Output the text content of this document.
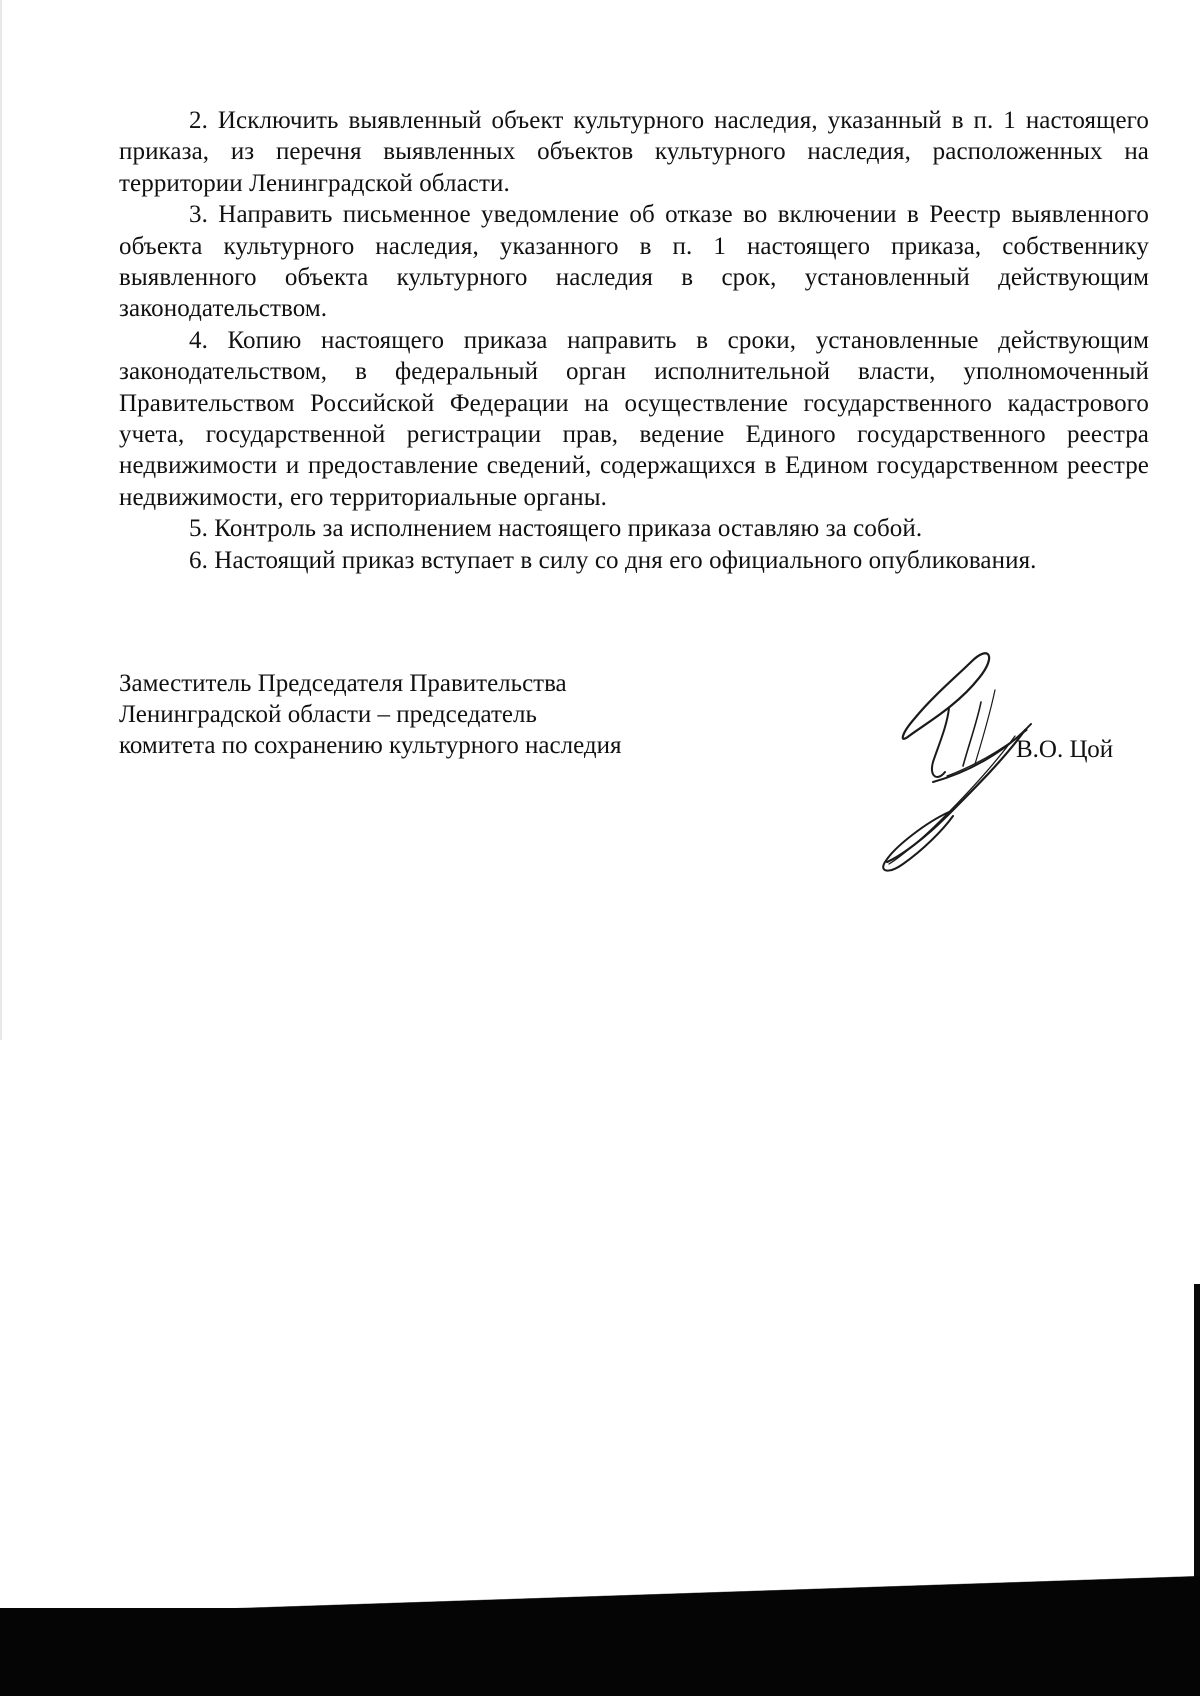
2. Исключить выявленный объект культурного наследия, указанный в п. 1 настоящего приказа, из перечня выявленных объектов культурного наследия, расположенных на территории Ленинградской области.

3. Направить письменное уведомление об отказе во включении в Реестр выявленного объекта культурного наследия, указанного в п. 1 настоящего приказа, собственнику выявленного объекта культурного наследия в срок, установленный действующим законодательством.

4. Копию настоящего приказа направить в сроки, установленные действующим законодательством, в федеральный орган исполнительной власти, уполномоченный Правительством Российской Федерации на осуществление государственного кадастрового учета, государственной регистрации прав, ведение Единого государственного реестра недвижимости и предоставление сведений, содержащихся в Едином государственном реестре недвижимости, его территориальные органы.

5. Контроль за исполнением настоящего приказа оставляю за собой.

6. Настоящий приказ вступает в силу со дня его официального опубликования.

Заместитель Председателя Правительства
Ленинградской области – председатель
комитета по сохранению культурного наследия	В.О. Цой
